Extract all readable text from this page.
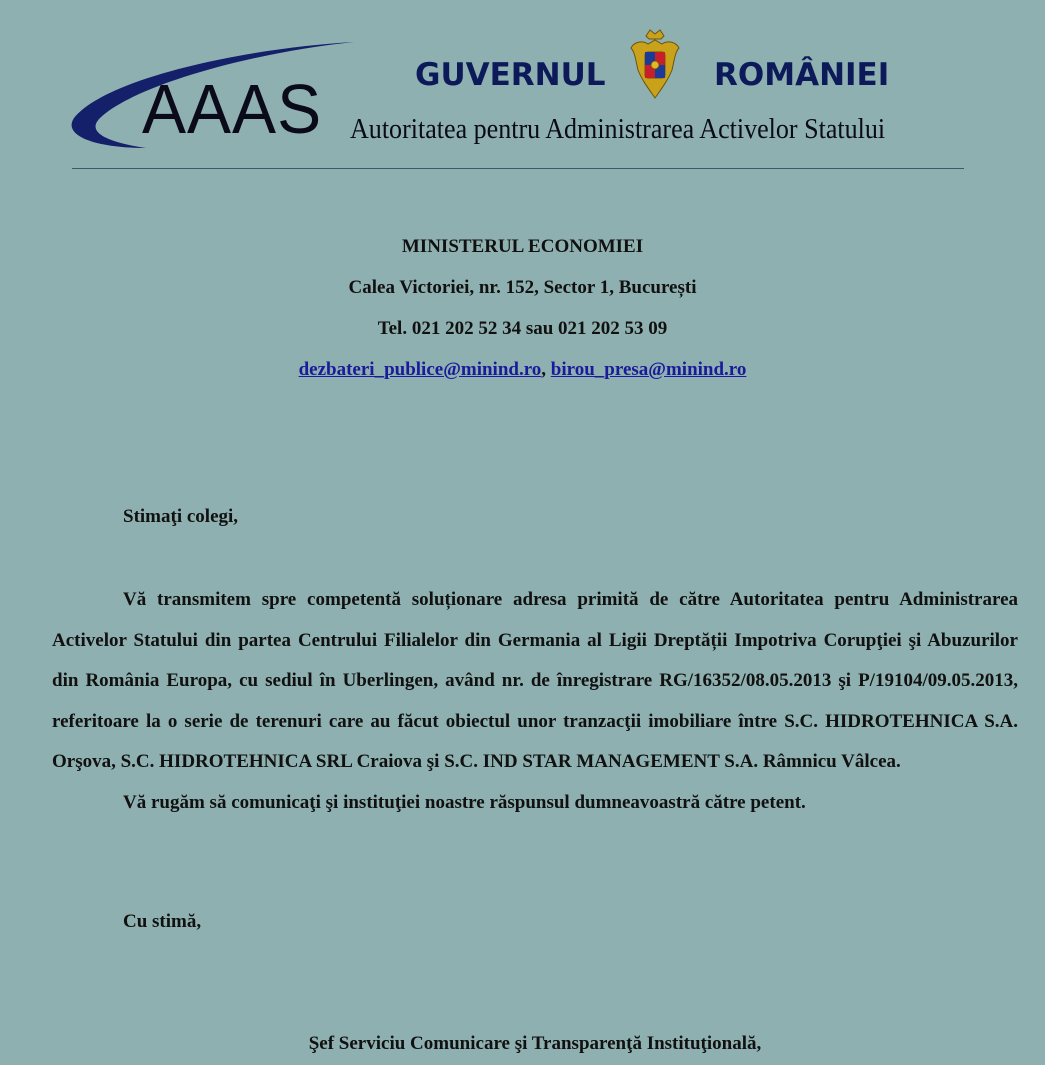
AAAS	GUVERNUL	ROMÂNIEI
Autoritatea pentru Administrarea Activelor Statului
MINISTERUL ECONOMIEI
Calea Victoriei, nr. 152, Sector 1, București
Tel. 021 202 52 34 sau 021 202 53 09
dezbateri_publice@minind.ro, birou_presa@minind.ro
Stimaţi colegi,

Vă transmitem spre competentă soluționare adresa primită de către Autoritatea pentru Administrarea Activelor Statului din partea Centrului Filialelor din Germania al Ligii Dreptății Impotriva Corupţiei şi Abuzurilor din România Europa, cu sediul în Uberlingen, având nr. de înregistrare RG/16352/08.05.2013 şi P/19104/09.05.2013, referitoare la o serie de terenuri care au făcut obiectul unor tranzacţii imobiliare între S.C. HIDROTEHNICA S.A. Orşova, S.C. HIDROTEHNICA SRL Craiova şi S.C. IND STAR MANAGEMENT S.A. Râmnicu Vâlcea.

Vă rugăm să comunicaţi şi instituţiei noastre răspunsul dumneavoastră către petent.

Cu stimă,
Şef Serviciu Comunicare şi Transparenţă Instituţională,
